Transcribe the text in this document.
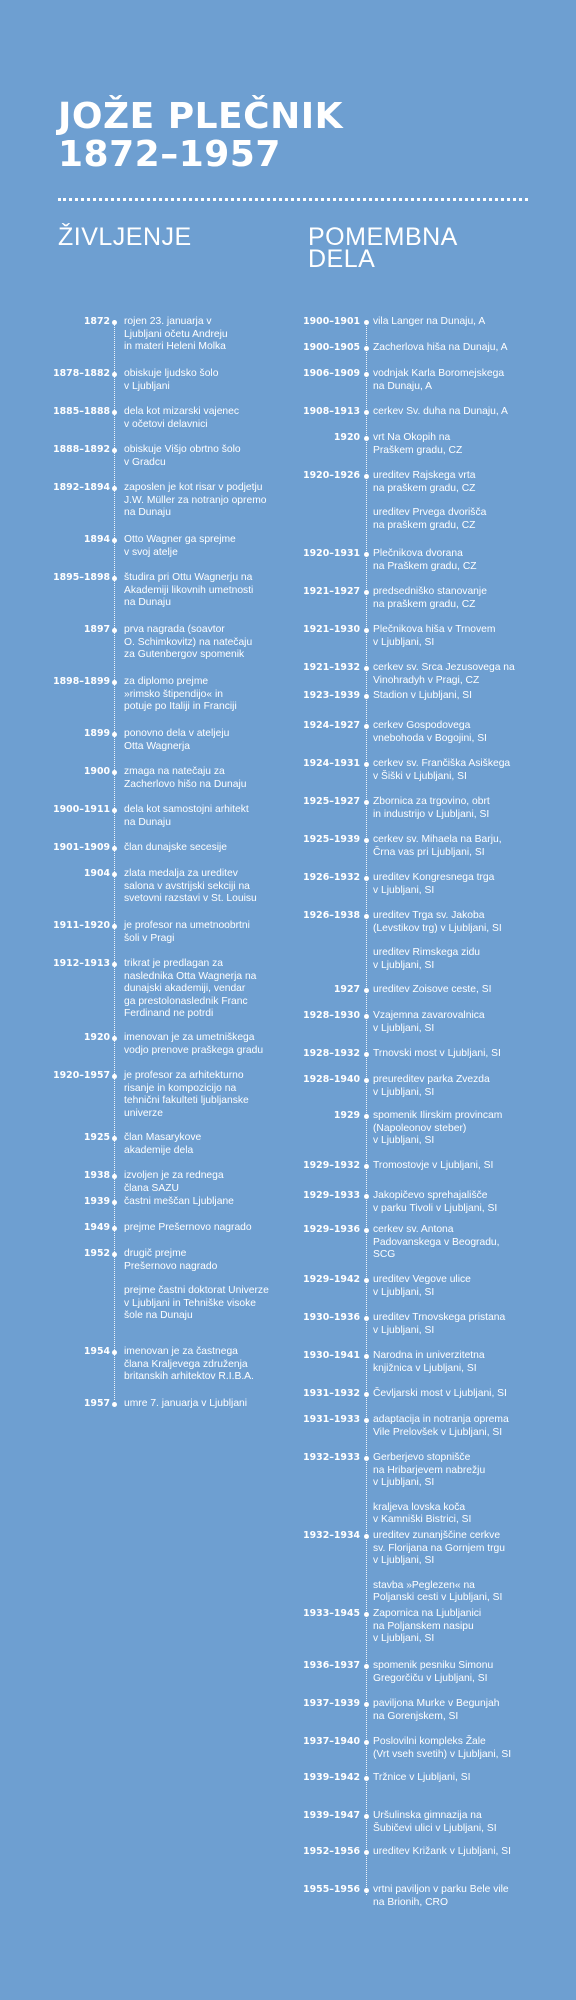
JOŽE PLEČNIK
1872–1957
ŽIVLJENJE	POMEMBNA
DELA
1872 rojen 23. januarja v
Ljubljani očetu Andreju
in materi Heleni Molka
1878–1882 obiskuje ljudsko šolo
v Ljubljani
1885–1888 dela kot mizarski vajenec
v očetovi delavnici
1888–1892 obiskuje Višjo obrtno šolo
v Gradcu
1892–1894 zaposlen je kot risar v podjetju
J.W. Müller za notranjo opremo
na Dunaju
1894 Otto Wagner ga sprejme
v svoj atelje
1895–1898 študira pri Ottu Wagnerju na
Akademiji likovnih umetnosti
na Dunaju
1897 prva nagrada (soavtor
O. Schimkovitz) na natečaju
za Gutenbergov spomenik
1898–1899 za diplomo prejme
»rimsko štipendijo« in
potuje po Italiji in Franciji
1899 ponovno dela v ateljeju
Otta Wagnerja
1900 zmaga na natečaju za
Zacherlovo hišo na Dunaju
1900–1911 dela kot samostojni arhitekt
na Dunaju
1901–1909 član dunajske secesije
1904 zlata medalja za ureditev
salona v avstrijski sekciji na
svetovni razstavi v St. Louisu
1911–1920 je profesor na umetnoobrtni
šoli v Pragi
1912–1913 trikrat je predlagan za
naslednika Otta Wagnerja na
dunajski akademiji, vendar
ga prestolonaslednik Franc
Ferdinand ne potrdi
1920 imenovan je za umetniškega
vodjo prenove praškega gradu
1920–1957 je profesor za arhitekturno
risanje in kompozicijo na
tehnični fakulteti ljubljanske
univerze
1925 član Masarykove
akademije dela
1938 izvoljen je za rednega
člana SAZU
1939 častni meščan Ljubljane
1949 prejme Prešernovo nagrado
1952 drugič prejme
Prešernovo nagrado
prejme častni doktorat Univerze
v Ljubljani in Tehniške visoke
šole na Dunaju
1954 imenovan je za častnega
člana Kraljevega združenja
britanskih arhitektov R.I.B.A.
1957 umre 7. januarja v Ljubljani
1900–1901 vila Langer na Dunaju, A
1900–1905 Zacherlova hiša na Dunaju, A
1906–1909 vodnjak Karla Boromejskega
na Dunaju, A
1908–1913 cerkev Sv. duha na Dunaju, A
1920 vrt Na Okopih na
Praškem gradu, CZ
1920–1926 ureditev Rajskega vrta
na praškem gradu, CZ
ureditev Prvega dvorišča
na praškem gradu, CZ
1920–1931 Plečnikova dvorana
na Praškem gradu, CZ
1921–1927 predsedniško stanovanje
na praškem gradu, CZ
1921–1930 Plečnikova hiša v Trnovem
v Ljubljani, SI
1921–1932 cerkev sv. Srca Jezusovega na
Vinohradyh v Pragi, CZ
1923–1939 Stadion v Ljubljani, SI
1924–1927 cerkev Gospodovega
vnebohoda v Bogojini, SI
1924–1931 cerkev sv. Frančiška Asiškega
v Šiški v Ljubljani, SI
1925–1927 Zbornica za trgovino, obrt
in industrijo v Ljubljani, SI
1925–1939 cerkev sv. Mihaela na Barju,
Črna vas pri Ljubljani, SI
1926–1932 ureditev Kongresnega trga
v Ljubljani, SI
1926–1938 ureditev Trga sv. Jakoba
(Levstikov trg) v Ljubljani, SI
ureditev Rimskega zidu
v Ljubljani, SI
1927 ureditev Zoisove ceste, SI
1928–1930 Vzajemna zavarovalnica
v Ljubljani, SI
1928–1932 Trnovski most v Ljubljani, SI
1928–1940 preureditev parka Zvezda
v Ljubljani, SI
1929 spomenik Ilirskim provincam
(Napoleonov steber)
v Ljubljani, SI
1929–1932 Tromostovje v Ljubljani, SI
1929–1933 Jakopičevo sprehajališče
v parku Tivoli v Ljubljani, SI
1929–1936 cerkev sv. Antona
Padovanskega v Beogradu,
SCG
1929–1942 ureditev Vegove ulice
v Ljubljani, SI
1930–1936 ureditev Trnovskega pristana
v Ljubljani, SI
1930–1941 Narodna in univerzitetna
knjižnica v Ljubljani, SI
1931–1932 Čevljarski most v Ljubljani, SI
1931–1933 adaptacija in notranja oprema
Vile Prelovšek v Ljubljani, SI
1932–1933 Gerberjevo stopnišče
na Hribarjevem nabrežju
v Ljubljani, SI
kraljeva lovska koča
v Kamniški Bistrici, SI
1932–1934 ureditev zunanjščine cerkve
sv. Florijana na Gornjem trgu
v Ljubljani, SI
stavba »Peglezen« na
Poljanski cesti v Ljubljani, SI
1933–1945 Zapornica na Ljubljanici
na Poljanskem nasipu
v Ljubljani, SI
1936–1937 spomenik pesniku Simonu
Gregorčiču v Ljubljani, SI
1937–1939 paviljona Murke v Begunjah
na Gorenjskem, SI
1937–1940 Poslovilni kompleks Žale
(Vrt vseh svetih) v Ljubljani, SI
1939–1942 Tržnice v Ljubljani, SI
1939–1947 Uršulinska gimnazija na
Šubičevi ulici v Ljubljani, SI
1952–1956 ureditev Križank v Ljubljani, SI
1955–1956 vrtni paviljon v parku Bele vile
na Brionih, CRO
